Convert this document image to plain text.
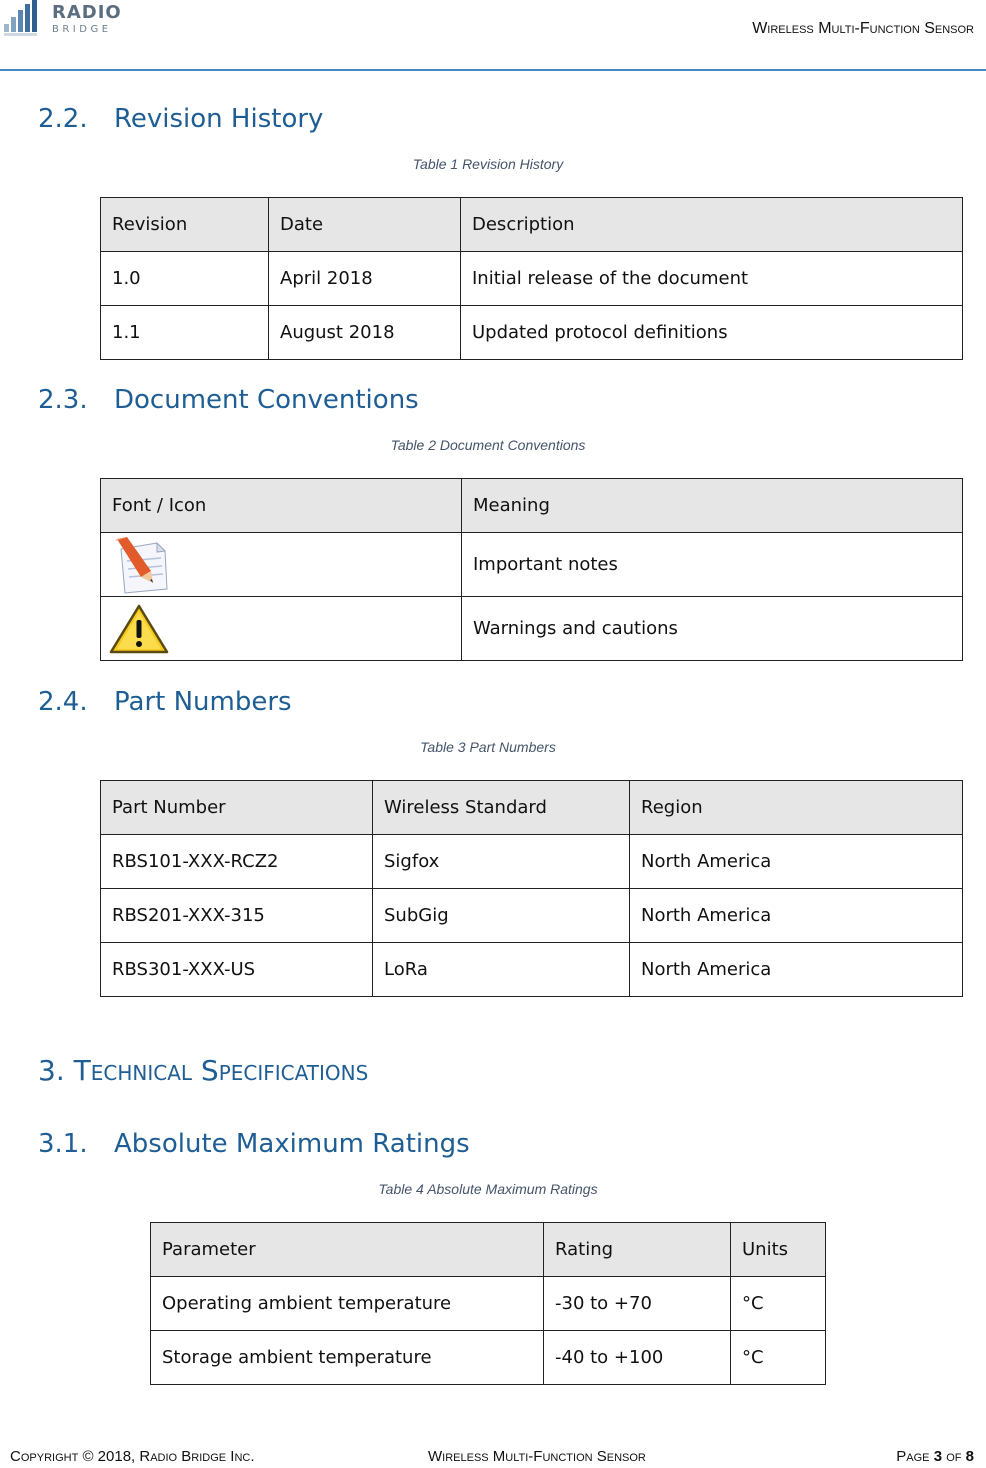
RADIO
BRIDGE	Wireless Multi-Function Sensor
2.2. Revision History
Table 1 Revision History
Revision	Date	Description
1.0	April 2018	Initial release of the document
1.1	August 2018	Updated protocol definitions
2.3. Document Conventions
Table 2 Document Conventions
Font / Icon	Meaning

	Important notes

	Warnings and cautions
2.4. Part Numbers
Table 3 Part Numbers
Part Number	Wireless Standard	Region
RBS101-XXX-RCZ2	Sigfox	North America
RBS201-XXX-315	SubGig	North America
RBS301-XXX-US	LoRa	North America
3. Technical Specifications
3.1. Absolute Maximum Ratings
Table 4 Absolute Maximum Ratings
Parameter	Rating	Units
Operating ambient temperature	-30 to +70	°C
Storage ambient temperature	-40 to +100	°C
Copyright © 2018, Radio Bridge Inc.	Wireless Multi-Function Sensor	Page 3 of 8
